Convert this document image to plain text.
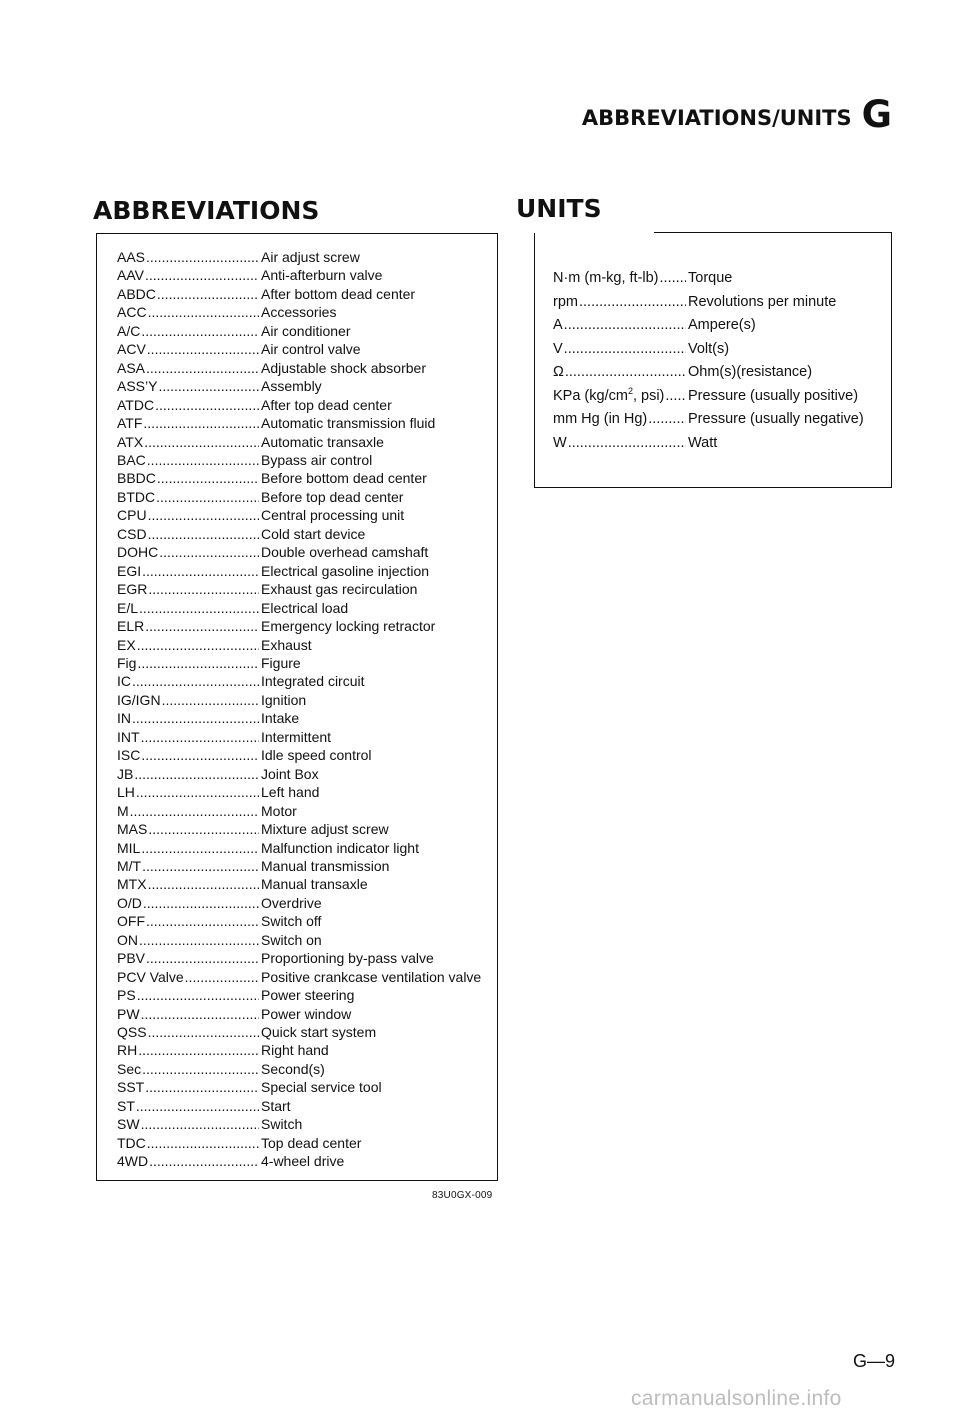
ABBREVIATIONS/UNITS G
ABBREVIATIONS	UNITS
AAS .....	Air adjust screw
AAV .....	Anti-afterburn valve
ABDC .....	After bottom dead center
ACC .....	Accessories
A/C .....	Air conditioner
ACV .....	Air control valve
ASA .....	Adjustable shock absorber
ASS’Y .....	Assembly
ATDC .....	After top dead center
ATF .....	Automatic transmission fluid
ATX .....	Automatic transaxle
BAC .....	Bypass air control
BBDC .....	Before bottom dead center
BTDC .....	Before top dead center
CPU .....	Central processing unit
CSD .....	Cold start device
DOHC .....	Double overhead camshaft
EGI .....	Electrical gasoline injection
EGR .....	Exhaust gas recirculation
E/L .....	Electrical load
ELR .....	Emergency locking retractor
EX .....	Exhaust
Fig .....	Figure
IC .....	Integrated circuit
IG/IGN .....	Ignition
IN .....	Intake
INT .....	Intermittent
ISC .....	Idle speed control
JB .....	Joint Box
LH .....	Left hand
M .....	Motor
MAS .....	Mixture adjust screw
MIL .....	Malfunction indicator light
M/T .....	Manual transmission
MTX .....	Manual transaxle
O/D .....	Overdrive
OFF .....	Switch off
ON .....	Switch on
PBV .....	Proportioning by-pass valve
PCV Valve .....	Positive crankcase ventilation valve
PS .....	Power steering
PW .....	Power window
QSS .....	Quick start system
RH .....	Right hand
Sec .....	Second(s)
SST .....	Special service tool
ST .....	Start
SW .....	Switch
TDC .....	Top dead center
4WD .....	4-wheel drive
N·m (m-kg, ft-lb) ..... Torque
rpm .....	Revolutions per minute
A .....	Ampere(s)
V .....	Volt(s)
Ω .....	Ohm(s)(resistance)
KPa ($kg/cm^2$, psi) ..... Pressure (usually positive)
mm Hg (in Hg) .....	Pressure (usually negative)
W .....	Watt
83U0GX-009
G—9
carmanualsonline.info
